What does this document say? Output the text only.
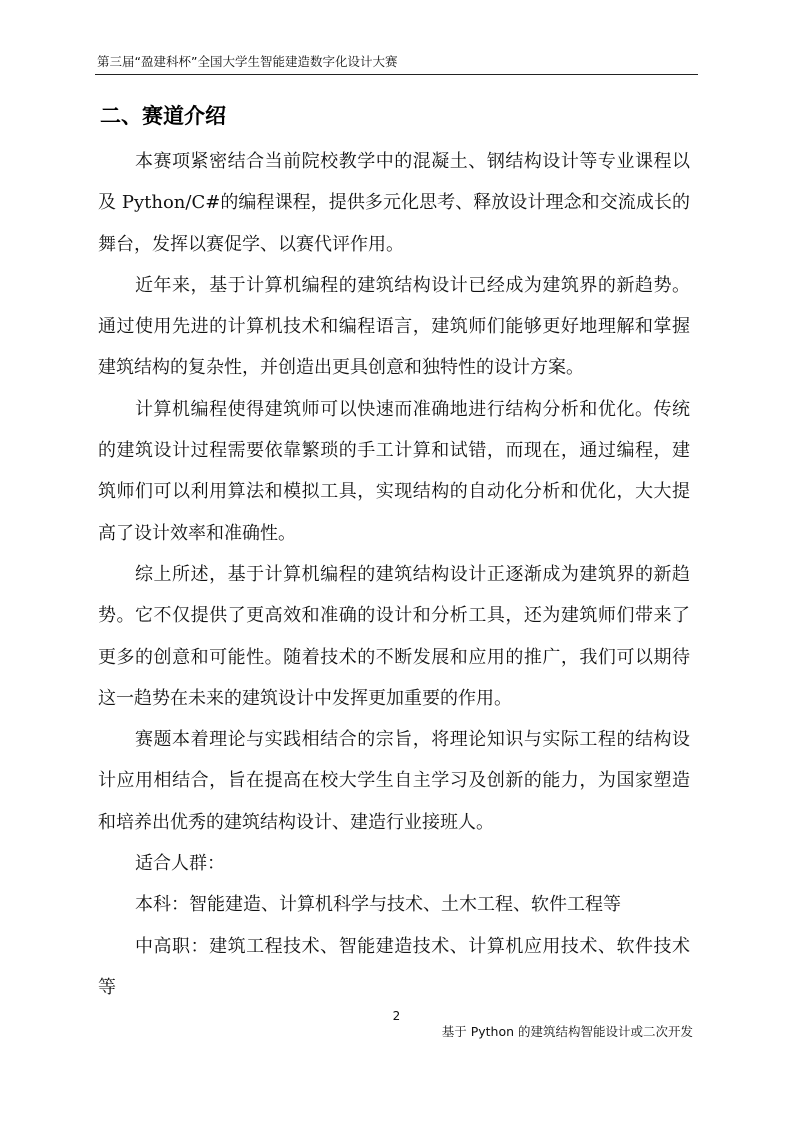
第三届“盈建科杯”全国大学生智能建造数字化设计大赛
二、赛道介绍

本赛项紧密结合当前院校教学中的混凝土、钢结构设计等专业课程以及 Python/C#的编程课程，提供多元化思考、释放设计理念和交流成长的舞台，发挥以赛促学、以赛代评作用。

近年来，基于计算机编程的建筑结构设计已经成为建筑界的新趋势。通过使用先进的计算机技术和编程语言，建筑师们能够更好地理解和掌握建筑结构的复杂性，并创造出更具创意和独特性的设计方案。

计算机编程使得建筑师可以快速而准确地进行结构分析和优化。传统的建筑设计过程需要依靠繁琐的手工计算和试错，而现在，通过编程，建筑师们可以利用算法和模拟工具，实现结构的自动化分析和优化，大大提高了设计效率和准确性。

综上所述，基于计算机编程的建筑结构设计正逐渐成为建筑界的新趋势。它不仅提供了更高效和准确的设计和分析工具，还为建筑师们带来了更多的创意和可能性。随着技术的不断发展和应用的推广，我们可以期待这一趋势在未来的建筑设计中发挥更加重要的作用。

赛题本着理论与实践相结合的宗旨，将理论知识与实际工程的结构设计应用相结合，旨在提高在校大学生自主学习及创新的能力，为国家塑造和培养出优秀的建筑结构设计、建造行业接班人。

适合人群：

本科：智能建造、计算机科学与技术、土木工程、软件工程等

中高职：建筑工程技术、智能建造技术、计算机应用技术、软件技术等

2
基于 Python 的建筑结构智能设计或二次开发
